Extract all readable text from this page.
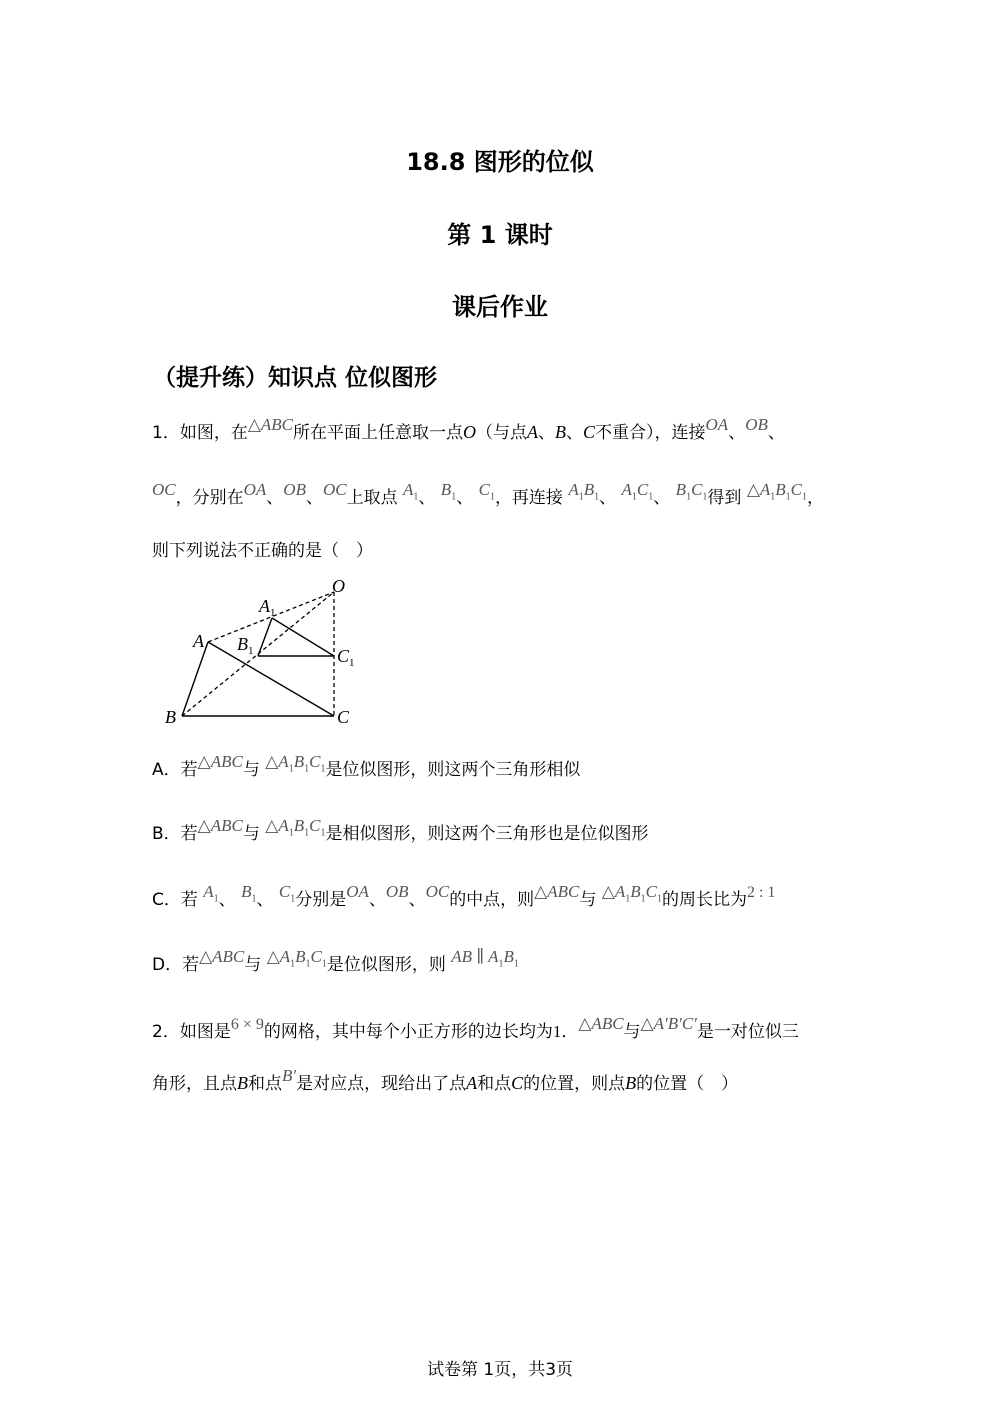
18.8 图形的位似
第 1 课时
课后作业
（提升练）知识点 位似图形
1．如图，在△ABC所在平面上任意取一点O（与点A、B、C不重合），连接OA、OB、
OC，分别在OA、OB、OC上取点 $A_1$、 $B_1$、 $C_1$，再连接 $A_1B_1$、 $A_1C_1$、 $B_1C_1$得到 $\triangle A_1B_1C_1$，
则下列说法不正确的是（　）
O
$A_1$
A $B_1$	$C_1$
B	C
A．若△ABC与 $\triangle A_1B_1C_1$是位似图形，则这两个三角形相似
B．若△ABC与 $\triangle A_1B_1C_1$是相似图形，则这两个三角形也是位似图形
C．若 $A_1$、 $B_1$、 $C_1$分别是OA、OB、OC的中点，则△ABC与 $\triangle A_1B_1C_1$的周长比为2 : 1
D．若△ABC与 $\triangle A_1B_1C_1$是位似图形，则 AB ∥ $A_1B_1$
2．如图是6 × 9的网格，其中每个小正方形的边长均为1．△ABC与△A′B′C′是一对位似三
角形，且点B和点B′是对应点，现给出了点A和点C的位置，则点B的位置（　）
试卷第 1页，共3页
